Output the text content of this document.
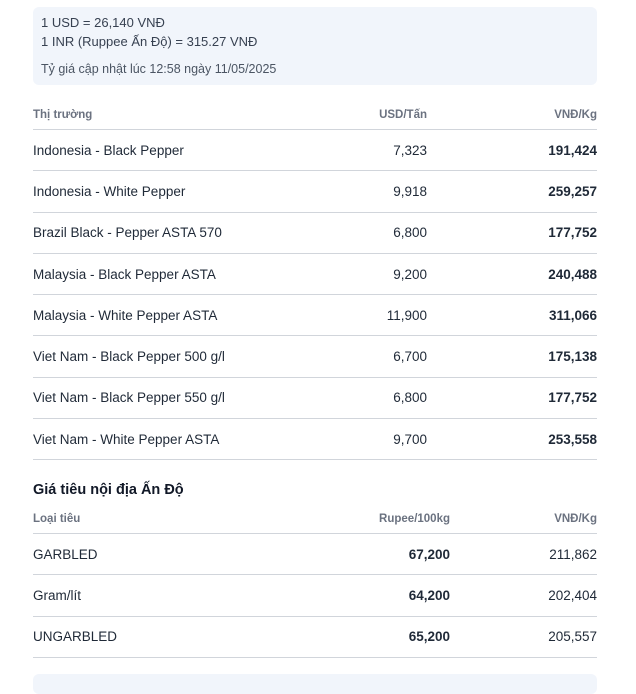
1 USD = 26,140 VNĐ
1 INR (Ruppee Ấn Độ) = 315.27 VNĐ
Tỷ giá cập nhật lúc 12:58 ngày 11/05/2025
Thị trường	USD/Tấn	VNĐ/Kg
Indonesia - Black Pepper	7,323	191,424
Indonesia - White Pepper	9,918	259,257
Brazil Black - Pepper ASTA 570	6,800	177,752
Malaysia - Black Pepper ASTA	9,200	240,488
Malaysia - White Pepper ASTA	11,900	311,066
Viet Nam - Black Pepper 500 g/l	6,700	175,138
Viet Nam - Black Pepper 550 g/l	6,800	177,752
Viet Nam - White Pepper ASTA	9,700	253,558
Giá tiêu nội địa Ấn Độ
Loại tiêu	Rupee/100kg	VNĐ/Kg
GARBLED	67,200	211,862
Gram/lít	64,200	202,404
UNGARBLED	65,200	205,557
